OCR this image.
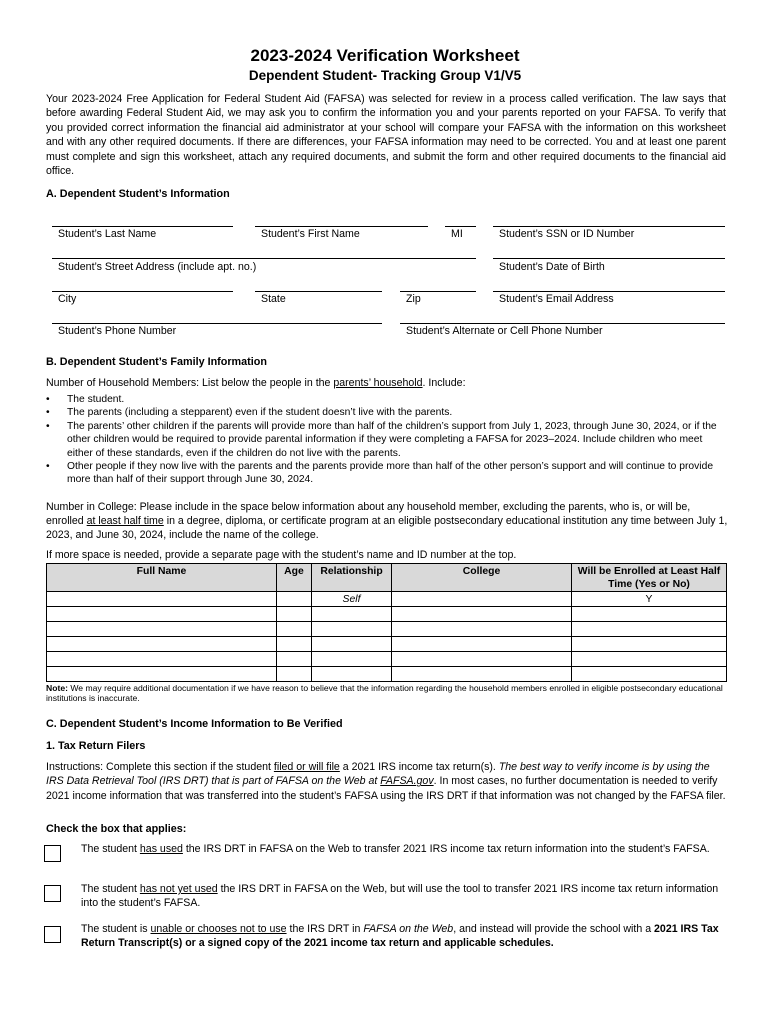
2023-2024 Verification Worksheet
Dependent Student- Tracking Group V1/V5
Your 2023-2024 Free Application for Federal Student Aid (FAFSA) was selected for review in a process called verification. The law says that before awarding Federal Student Aid, we may ask you to confirm the information you and your parents reported on your FAFSA. To verify that you provided correct information the financial aid administrator at your school will compare your FAFSA with the information on this worksheet and with any other required documents. If there are differences, your FAFSA information may need to be corrected. You and at least one parent must complete and sign this worksheet, attach any required documents, and submit the form and other required documents to the financial aid office.
A. Dependent Student’s Information
Student’s Last Name	Student’s First Name	MI	Student’s SSN or ID Number
Student’s Street Address (include apt. no.)	Student’s Date of Birth
City	State	Zip	Student’s Email Address
Student’s Phone Number	Student’s Alternate or Cell Phone Number
B. Dependent Student’s Family Information
Number of Household Members: List below the people in the parents’ household. Include:
• The student.
• The parents (including a stepparent) even if the student doesn’t live with the parents.
• The parents’ other children if the parents will provide more than half of the children’s support from July 1, 2023, through June 30, 2024, or if the other children would be required to provide parental information if they were completing a FAFSA for 2023–2024. Include children who meet either of these standards, even if the children do not live with the parents.
• Other people if they now live with the parents and the parents provide more than half of the other person’s support and will continue to provide more than half of their support through June 30, 2024.
Number in College: Please include in the space below information about any household member, excluding the parents, who is, or will be, enrolled at least half time in a degree, diploma, or certificate program at an eligible postsecondary educational institution any time between July 1, 2023, and June 30, 2024, include the name of the college.
If more space is needed, provide a separate page with the student’s name and ID number at the top.
Full Name	Age	Relationship	College	Will be Enrolled at Least Half Time (Yes or No)
		Self		Y

Note: We may require additional documentation if we have reason to believe that the information regarding the household members enrolled in eligible postsecondary educational institutions is inaccurate.
C. Dependent Student’s Income Information to Be Verified
1. Tax Return Filers
Instructions: Complete this section if the student filed or will file a 2021 IRS income tax return(s). The best way to verify income is by using the IRS Data Retrieval Tool (IRS DRT) that is part of FAFSA on the Web at FAFSA.gov. In most cases, no further documentation is needed to verify 2021 income information that was transferred into the student’s FAFSA using the IRS DRT if that information was not changed by the FAFSA filer.
Check the box that applies:
The student has used the IRS DRT in FAFSA on the Web to transfer 2021 IRS income tax return information into the student’s FAFSA.
The student has not yet used the IRS DRT in FAFSA on the Web, but will use the tool to transfer 2021 IRS income tax return information into the student’s FAFSA.
The student is unable or chooses not to use the IRS DRT in FAFSA on the Web, and instead will provide the school with a 2021 IRS Tax Return Transcript(s) or a signed copy of the 2021 income tax return and applicable schedules.
